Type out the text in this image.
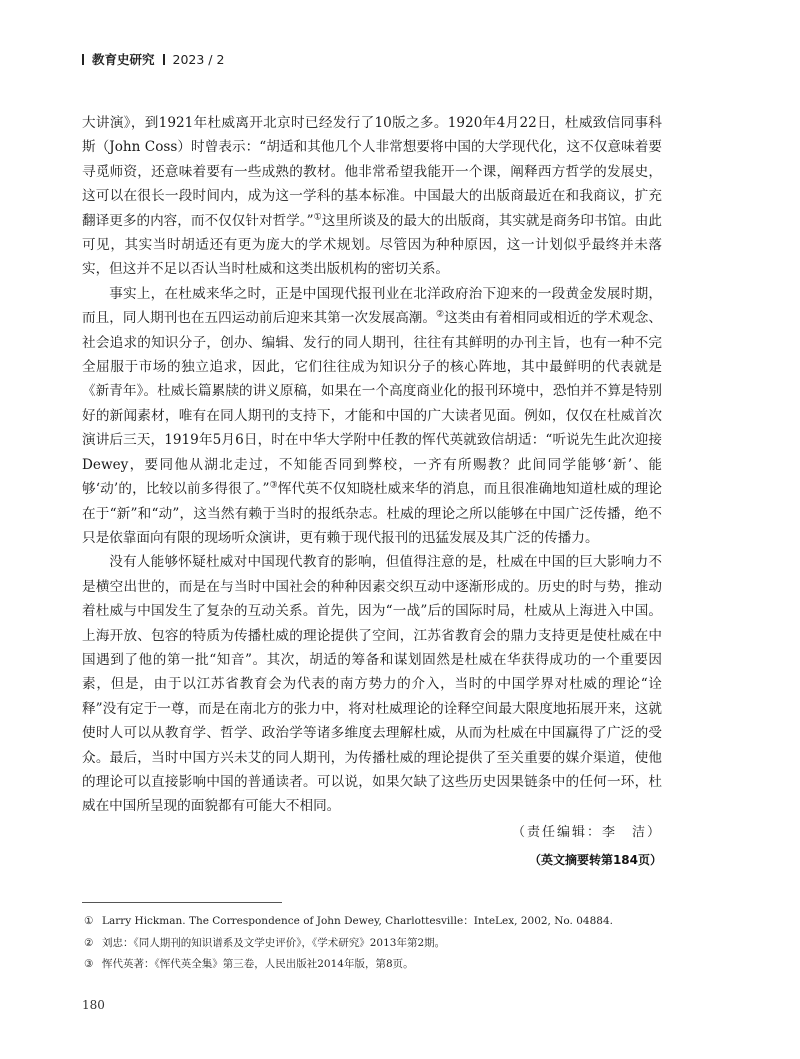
教育史研究 2023 / 2

大讲演》，到1921年杜威离开北京时已经发行了10版之多。1920年4月22日，杜威致信同事科斯（John Coss）时曾表示：“胡适和其他几个人非常想要将中国的大学现代化，这不仅意味着要寻觅师资，还意味着要有一些成熟的教材。他非常希望我能开一个课，阐释西方哲学的发展史，这可以在很长一段时间内，成为这一学科的基本标准。中国最大的出版商最近在和我商议，扩充翻译更多的内容，而不仅仅针对哲学。”①这里所谈及的最大的出版商，其实就是商务印书馆。由此可见，其实当时胡适还有更为庞大的学术规划。尽管因为种种原因，这一计划似乎最终并未落实，但这并不足以否认当时杜威和这类出版机构的密切关系。

事实上，在杜威来华之时，正是中国现代报刊业在北洋政府治下迎来的一段黄金发展时期，而且，同人期刊也在五四运动前后迎来其第一次发展高潮。②这类由有着相同或相近的学术观念、社会追求的知识分子，创办、编辑、发行的同人期刊，往往有其鲜明的办刊主旨，也有一种不完全屈服于市场的独立追求，因此，它们往往成为知识分子的核心阵地，其中最鲜明的代表就是《新青年》。杜威长篇累牍的讲义原稿，如果在一个高度商业化的报刊环境中，恐怕并不算是特别好的新闻素材，唯有在同人期刊的支持下，才能和中国的广大读者见面。例如，仅仅在杜威首次演讲后三天，1919年5月6日，时在中华大学附中任教的恽代英就致信胡适：“听说先生此次迎接Dewey，要同他从湖北走过，不知能否同到弊校，一齐有所赐教？此间同学能够‘新’、能够‘动’的，比较以前多得很了。”③恽代英不仅知晓杜威来华的消息，而且很准确地知道杜威的理论在于“新”和“动”，这当然有赖于当时的报纸杂志。杜威的理论之所以能够在中国广泛传播，绝不只是依靠面向有限的现场听众演讲，更有赖于现代报刊的迅猛发展及其广泛的传播力。

没有人能够怀疑杜威对中国现代教育的影响，但值得注意的是，杜威在中国的巨大影响力不是横空出世的，而是在与当时中国社会的种种因素交织互动中逐渐形成的。历史的时与势，推动着杜威与中国发生了复杂的互动关系。首先，因为“一战”后的国际时局，杜威从上海进入中国。上海开放、包容的特质为传播杜威的理论提供了空间，江苏省教育会的鼎力支持更是使杜威在中国遇到了他的第一批“知音”。其次，胡适的筹备和谋划固然是杜威在华获得成功的一个重要因素，但是，由于以江苏省教育会为代表的南方势力的介入，当时的中国学界对杜威的理论“诠释”没有定于一尊，而是在南北方的张力中，将对杜威理论的诠释空间最大限度地拓展开来，这就使时人可以从教育学、哲学、政治学等诸多维度去理解杜威，从而为杜威在中国赢得了广泛的受众。最后，当时中国方兴未艾的同人期刊，为传播杜威的理论提供了至关重要的媒介渠道，使他的理论可以直接影响中国的普通读者。可以说，如果欠缺了这些历史因果链条中的任何一环，杜威在中国所呈现的面貌都有可能大不相同。

（责任编辑：李　洁）
（英文摘要转第184页）
① Larry Hickman. The Correspondence of John Dewey, Charlottesville：InteLex, 2002, No. 04884.
② 刘忠：《同人期刊的知识谱系及文学史评价》，《学术研究》2013年第2期。
③ 恽代英著：《恽代英全集》第三卷，人民出版社2014年版，第8页。
180
